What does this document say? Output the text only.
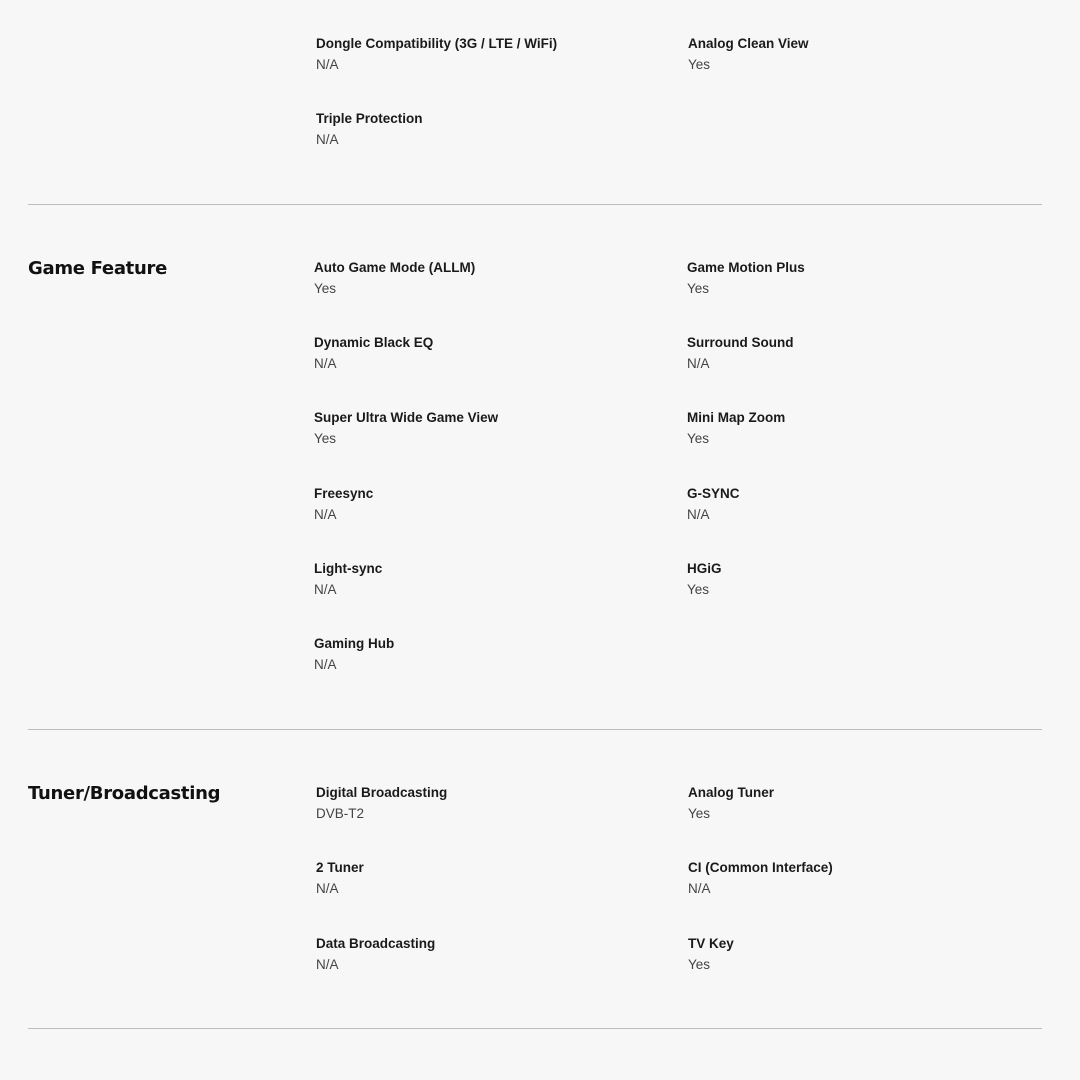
Dongle Compatibility (3G / LTE / WiFi)
N/A
Analog Clean View
Yes
Triple Protection
N/A
Game Feature	Auto Game Mode (ALLM)
Yes
Game Motion Plus
Yes
Dynamic Black EQ
N/A
Surround Sound
N/A
Super Ultra Wide Game View
Yes
Mini Map Zoom
Yes
Freesync
N/A
G-SYNC
N/A
Light-sync
N/A
HGiG
Yes
Gaming Hub
N/A
Tuner/Broadcasting	Digital Broadcasting
DVB-T2
Analog Tuner
Yes
2 Tuner
N/A
CI (Common Interface)
N/A
Data Broadcasting
N/A
TV Key
Yes
